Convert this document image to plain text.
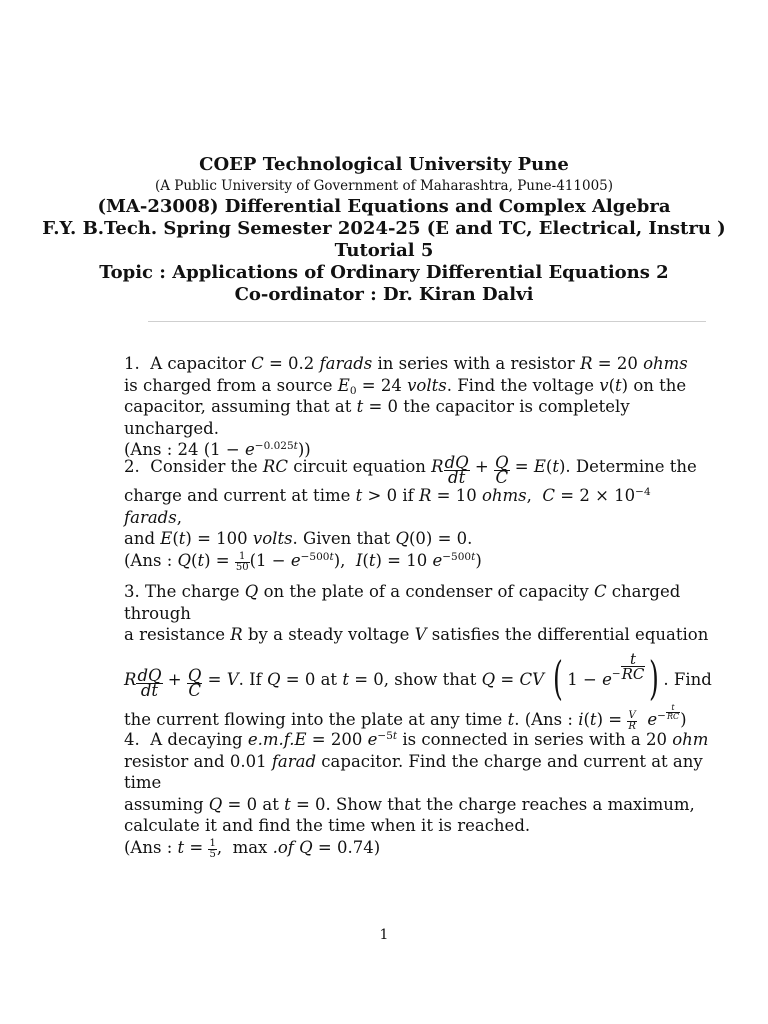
COEP Technological University Pune
(A Public University of Government of Maharashtra, Pune-411005)
(MA-23008) Differential Equations and Complex Algebra
F.Y. B.Tech. Spring Semester 2024-25 (E and TC, Electrical, Instru )
Tutorial 5
Topic : Applications of Ordinary Differential Equations 2
Co-ordinator : Dr. Kiran Dalvi

1.  A capacitor C = 0.2 farads in series with a resistor R = 20 ohms

is charged from a source $E_0 = 24$ volts. Find the voltage v(t) on the

capacitor, assuming that at t = 0 the capacitor is completely uncharged.

(Ans : 24 $(1 - e^{-0.025t})$)

2.  Consider the RC circuit equation R $\frac{dQ}{dt} + \frac{Q}{C} = E(t)$. Determine the

charge and current at time t > 0 if R = 10 ohms,  $C = 2 \times 10^{-4}$ farads,

and E(t) = 100 volts. Given that Q(0) = 0.

(Ans : $Q(t) = \frac{1}{50} (1 - e^{-500t})$,  I(t) = 10 $e^{-500t}$)

3. The charge Q on the plate of a condenser of capacity C charged through

a resistance R by a steady voltage V satisfies the differential equation

R $\frac{dQ}{dt} + \frac{Q}{C} = V$. If Q = 0 at t = 0, show that Q = CV ( $1 - e^{- \frac{t}{RC}}$ ) . Find

the current flowing into the plate at any time t. (Ans : $i(t) = \frac{V}{R} e^{- \frac{t}{RC}}$ )

4.  A decaying e.m.f.E = 200 $e^{-5t}$ is connected in series with a 20 ohm

resistor and 0.01 farad capacitor. Find the charge and current at any time

assuming Q = 0 at t = 0. Show that the charge reaches a maximum,

calculate it and find the time when it is reached.

(Ans : $t = \frac{1}{5}$ ,  max .of Q = 0.74)

1
